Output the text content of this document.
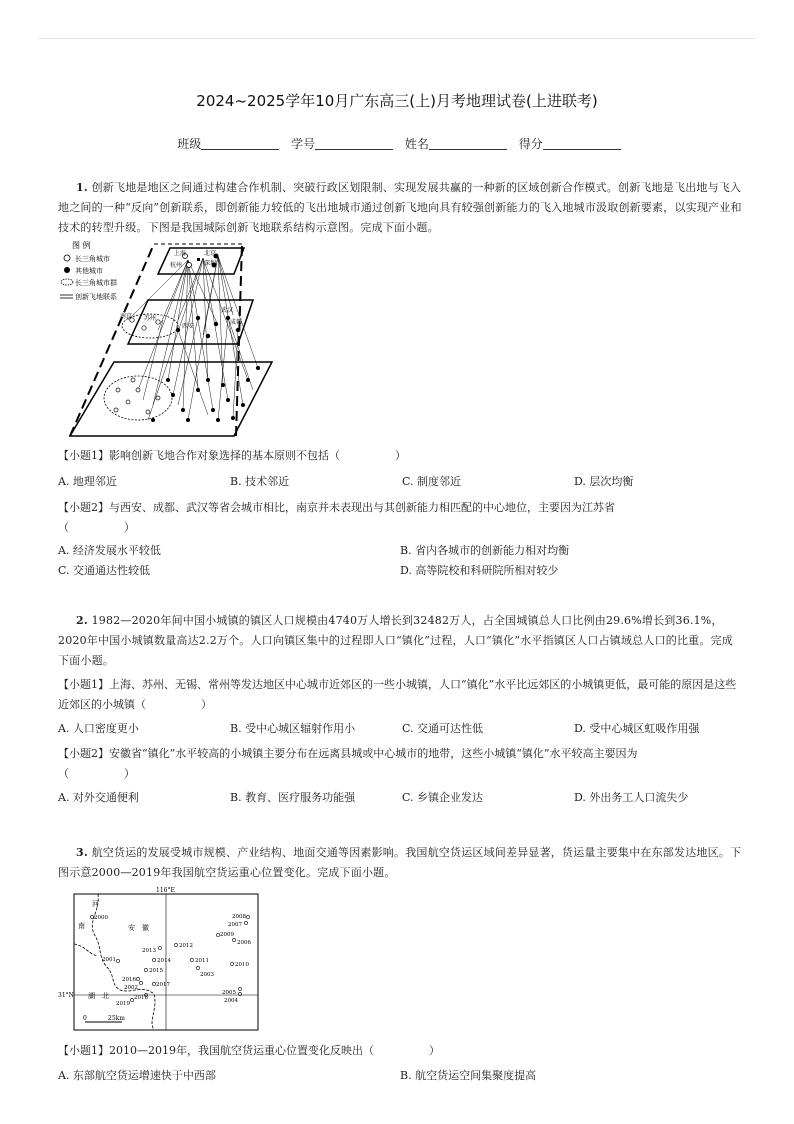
2024~2025学年10月广东高三(上)月考地理试卷(上进联考)
班级	学号	姓名	得分
1. 创新飞地是地区之间通过构建合作机制、突破行政区划限制、实现发展共赢的一种新的区域创新合作模式。创新飞地是飞出地与飞入地之间的一种“反向”创新联系，即创新能力较低的飞出地城市通过创新飞地向具有较强创新能力的飞入地城市汲取创新要素，以实现产业和技术的转型升级。下图是我国城际创新飞地联系结构示意图。完成下面小题。
图 例
长三角城市
其他城市
长三角城市群
创新飞地联系
上海
杭州
北京
深圳
南京
西安
武汉
成都
苏州
【小题1】影响创新飞地合作对象选择的基本原则不包括（　　　　　）
A. 地理邻近	B. 技术邻近	C. 制度邻近	D. 层次均衡
【小题2】与西安、成都、武汉等省会城市相比，南京并未表现出与其创新能力相匹配的中心地位，主要因为江苏省
（　　　　　）
A. 经济发展水平较低	B. 省内各城市的创新能力相对均衡
C. 交通通达性较低	D. 高等院校和科研院所相对较少
2. 1982—2020年间中国小城镇的镇区人口规模由4740万人增长到32482万人，占全国城镇总人口比例由29.6%增长到36.1%，2020年中国小城镇数量高达2.2万个。人口向镇区集中的过程即人口“镇化”过程，人口“镇化”水平指镇区人口占镇域总人口的比重。完成下面小题。
【小题1】上海、苏州、无锡、常州等发达地区中心城市近郊区的一些小城镇，人口“镇化”水平比远郊区的小城镇更低，最可能的原因是这些近郊区的小城镇（　　　　　）
A. 人口密度更小	B. 受中心城区辐射作用小	C. 交通可达性低	D. 受中心城区虹吸作用强
【小题2】安徽省“镇化”水平较高的小城镇主要分布在远离县城或中心城市的地带，这些小城镇“镇化”水平较高主要因为
（　　　　　）
A. 对外交通便利	B. 教育、医疗服务功能强	C. 乡镇企业发达	D. 外出务工人口流失少
3. 航空货运的发展受城市规模、产业结构、地面交通等因素影响。我国航空货运区域间差异显著，货运量主要集中在东部发达地区。下图示意2000—2019年我国航空货运重心位置变化。完成下面小题。
116°E
31°N
河
南	安　徽
湖　北
0	25km
2000
2001
2002
2003
2004
2005
2006
2007
2008
2009
2010
2011
2012
2013
2014
2015
2016
2017
2018
2019
【小题1】2010—2019年，我国航空货运重心位置变化反映出（　　　　　）
A. 东部航空货运增速快于中西部	B. 航空货运空间集聚度提高
